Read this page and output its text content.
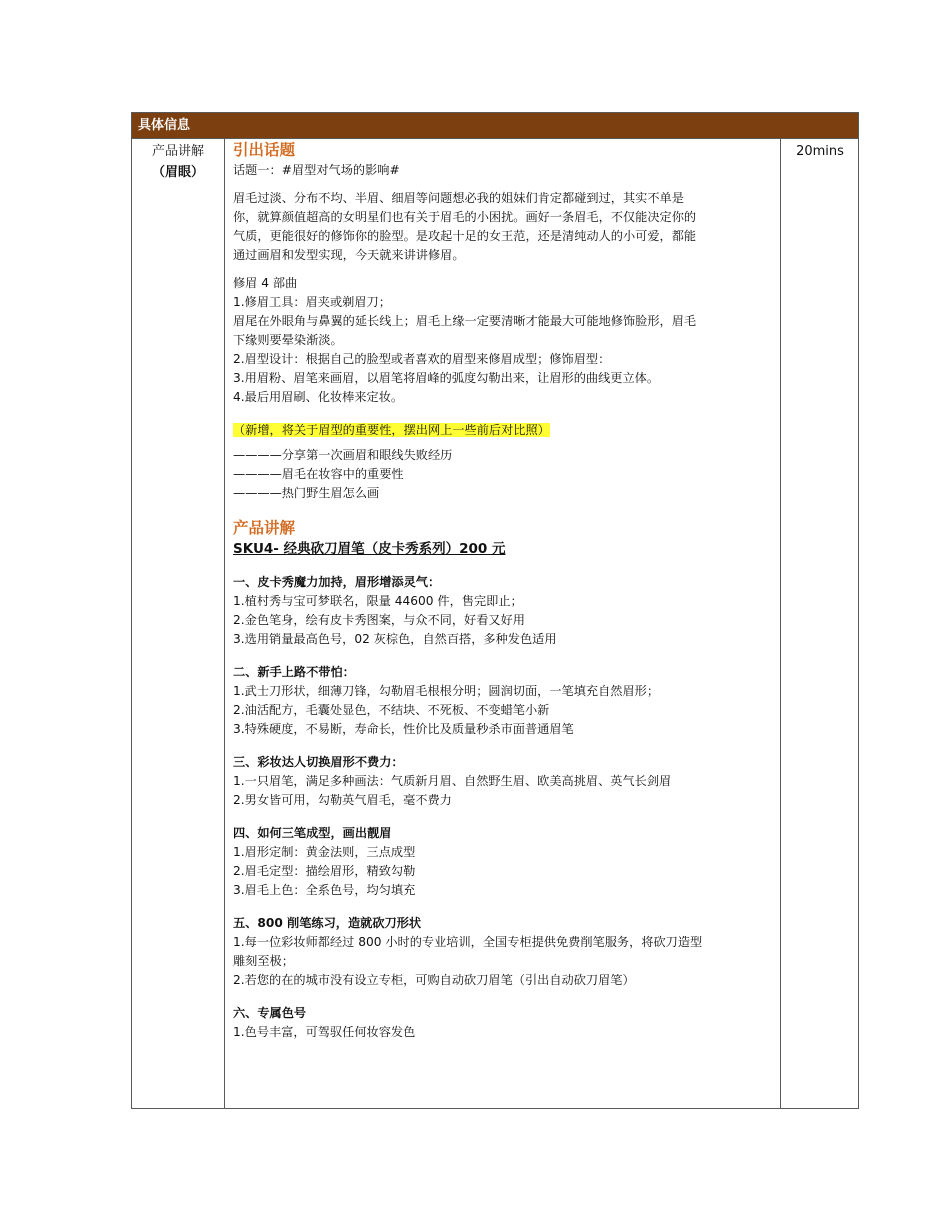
具体信息
产品讲解
（眉眼）
20mins

引出话题

话题一：#眉型对气场的影响#

眉毛过淡、分布不均、半眉、细眉等问题想必我的姐妹们肯定都碰到过，其实不单是

你，就算颜值超高的女明星们也有关于眉毛的小困扰。画好一条眉毛，不仅能决定你的

气质，更能很好的修饰你的脸型。是攻起十足的女王范，还是清纯动人的小可爱，都能

通过画眉和发型实现，今天就来讲讲修眉。

修眉 4 部曲

1.修眉工具：眉夹或剃眉刀；

眉尾在外眼角与鼻翼的延长线上；眉毛上缘一定要清晰才能最大可能地修饰脸形，眉毛

下缘则要晕染渐淡。

2.眉型设计：根据自己的脸型或者喜欢的眉型来修眉成型；修饰眉型：

3.用眉粉、眉笔来画眉，以眉笔将眉峰的弧度勾勒出来，让眉形的曲线更立体。

4.最后用眉刷、化妆棒来定妆。

（新增，将关于眉型的重要性，摆出网上一些前后对比照）

————分享第一次画眉和眼线失败经历

————眉毛在妆容中的重要性

————热门野生眉怎么画

产品讲解

SKU4- 经典砍刀眉笔（皮卡秀系列）200 元

一、皮卡秀魔力加持，眉形增添灵气：

1.植村秀与宝可梦联名，限量 44600 件，售完即止；

2.金色笔身，绘有皮卡秀图案，与众不同，好看又好用

3.选用销量最高色号，02 灰棕色，自然百搭，多种发色适用

二、新手上路不带怕：

1.武士刀形状，细薄刀锋，勾勒眉毛根根分明；圆润切面，一笔填充自然眉形；

2.油活配方，毛囊处显色，不结块、不死板、不变蜡笔小新

3.特殊硬度，不易断，寿命长，性价比及质量秒杀市面普通眉笔

三、彩妆达人切换眉形不费力：

1.一只眉笔，满足多种画法：气质新月眉、自然野生眉、欧美高挑眉、英气长剑眉

2.男女皆可用，勾勒英气眉毛，毫不费力

四、如何三笔成型，画出靓眉

1.眉形定制：黄金法则，三点成型

2.眉毛定型：描绘眉形，精致勾勒

3.眉毛上色：全系色号，均匀填充

五、800 削笔练习，造就砍刀形状

1.每一位彩妆师都经过 800 小时的专业培训，全国专柜提供免费削笔服务，将砍刀造型

雕刻至极；

2.若您的在的城市没有设立专柜，可购自动砍刀眉笔（引出自动砍刀眉笔）

六、专属色号

1.色号丰富，可驾驭任何妆容发色
